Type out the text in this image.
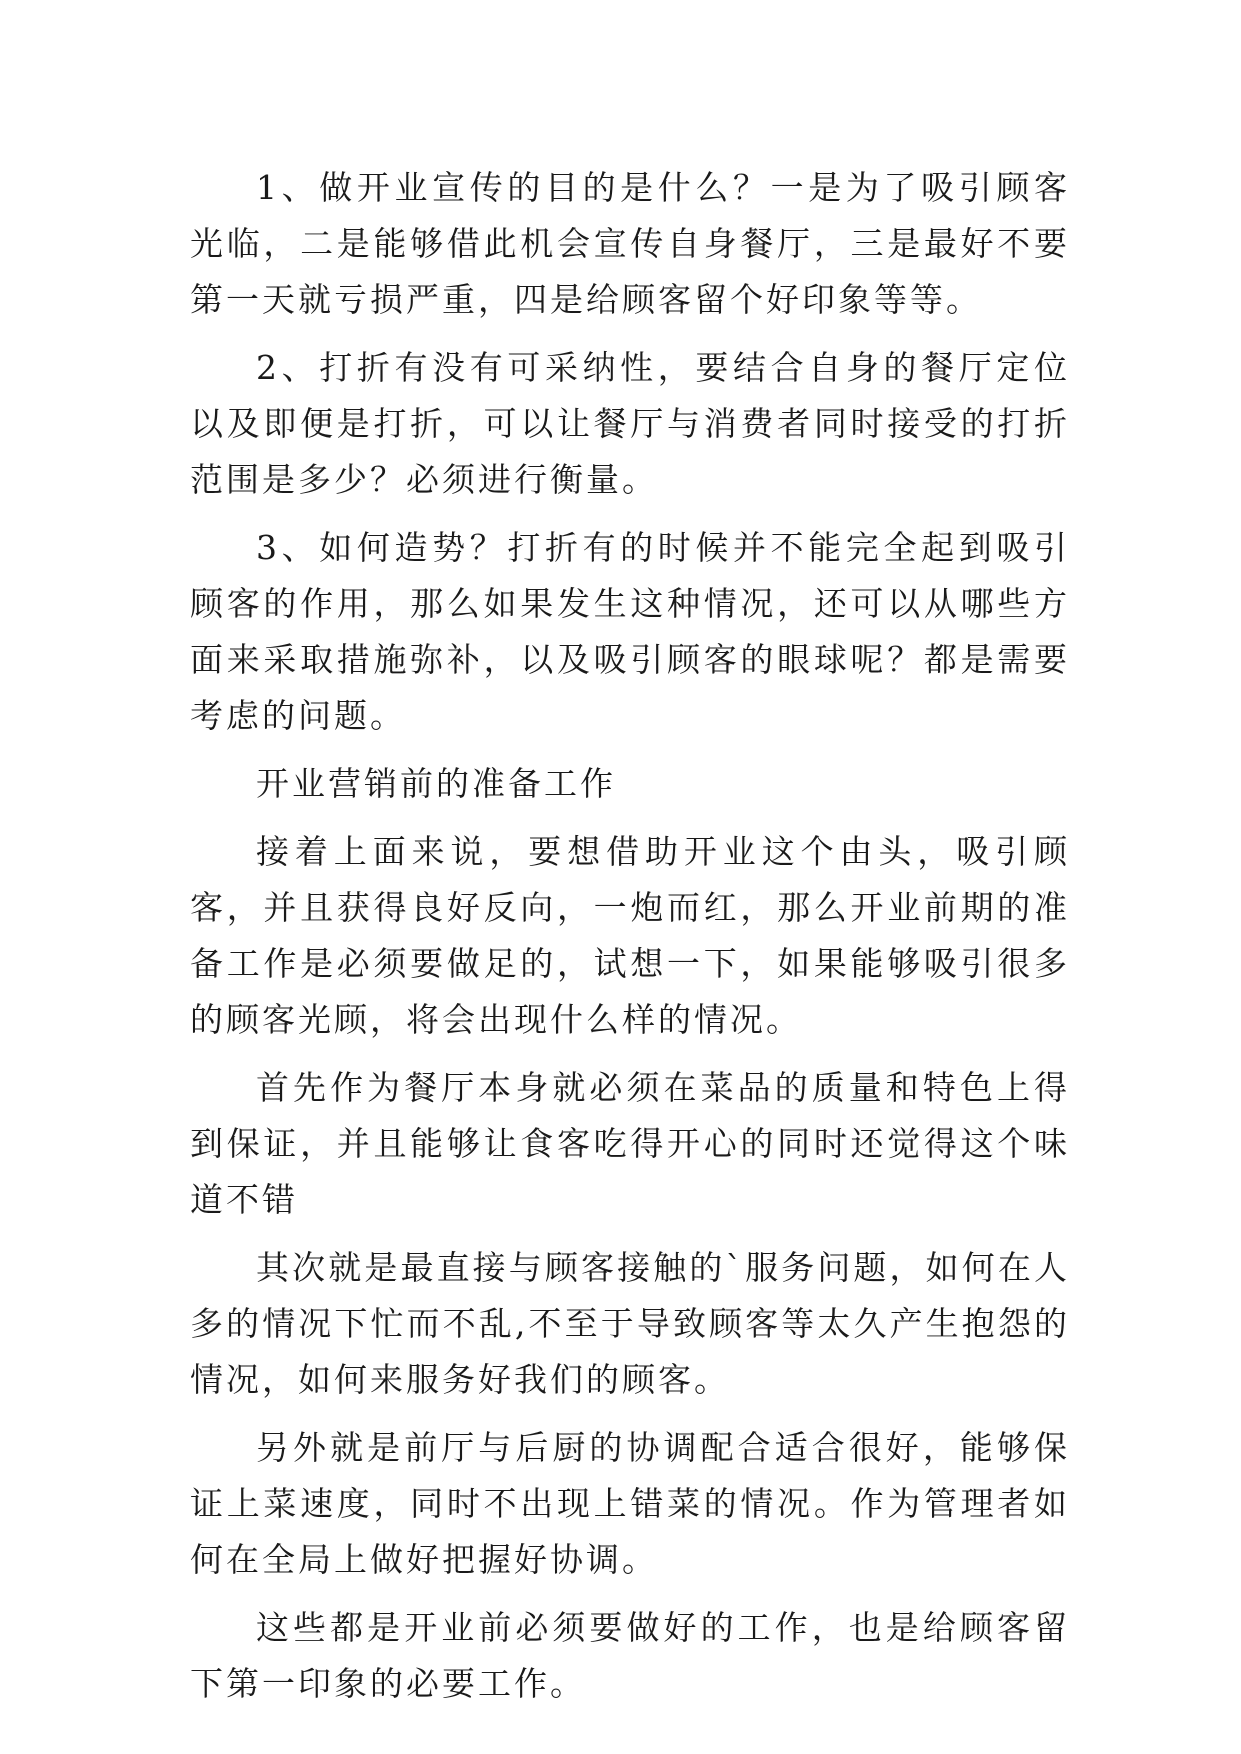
1、做开业宣传的目的是什么？一是为了吸引顾客光临，二是能够借此机会宣传自身餐厅，三是最好不要第一天就亏损严重，四是给顾客留个好印象等等。

2、打折有没有可采纳性，要结合自身的餐厅定位以及即便是打折，可以让餐厅与消费者同时接受的打折范围是多少？必须进行衡量。

3、如何造势？打折有的时候并不能完全起到吸引顾客的作用，那么如果发生这种情况，还可以从哪些方面来采取措施弥补，以及吸引顾客的眼球呢？都是需要考虑的问题。

开业营销前的准备工作

接着上面来说，要想借助开业这个由头，吸引顾客，并且获得良好反向，一炮而红，那么开业前期的准备工作是必须要做足的，试想一下，如果能够吸引很多的顾客光顾，将会出现什么样的情况。

首先作为餐厅本身就必须在菜品的质量和特色上得到保证，并且能够让食客吃得开心的同时还觉得这个味道不错

其次就是最直接与顾客接触的`服务问题，如何在人多的情况下忙而不乱,不至于导致顾客等太久产生抱怨的情况，如何来服务好我们的顾客。

另外就是前厅与后厨的协调配合适合很好，能够保证上菜速度，同时不出现上错菜的情况。作为管理者如何在全局上做好把握好协调。

这些都是开业前必须要做好的工作，也是给顾客留下第一印象的必要工作。
